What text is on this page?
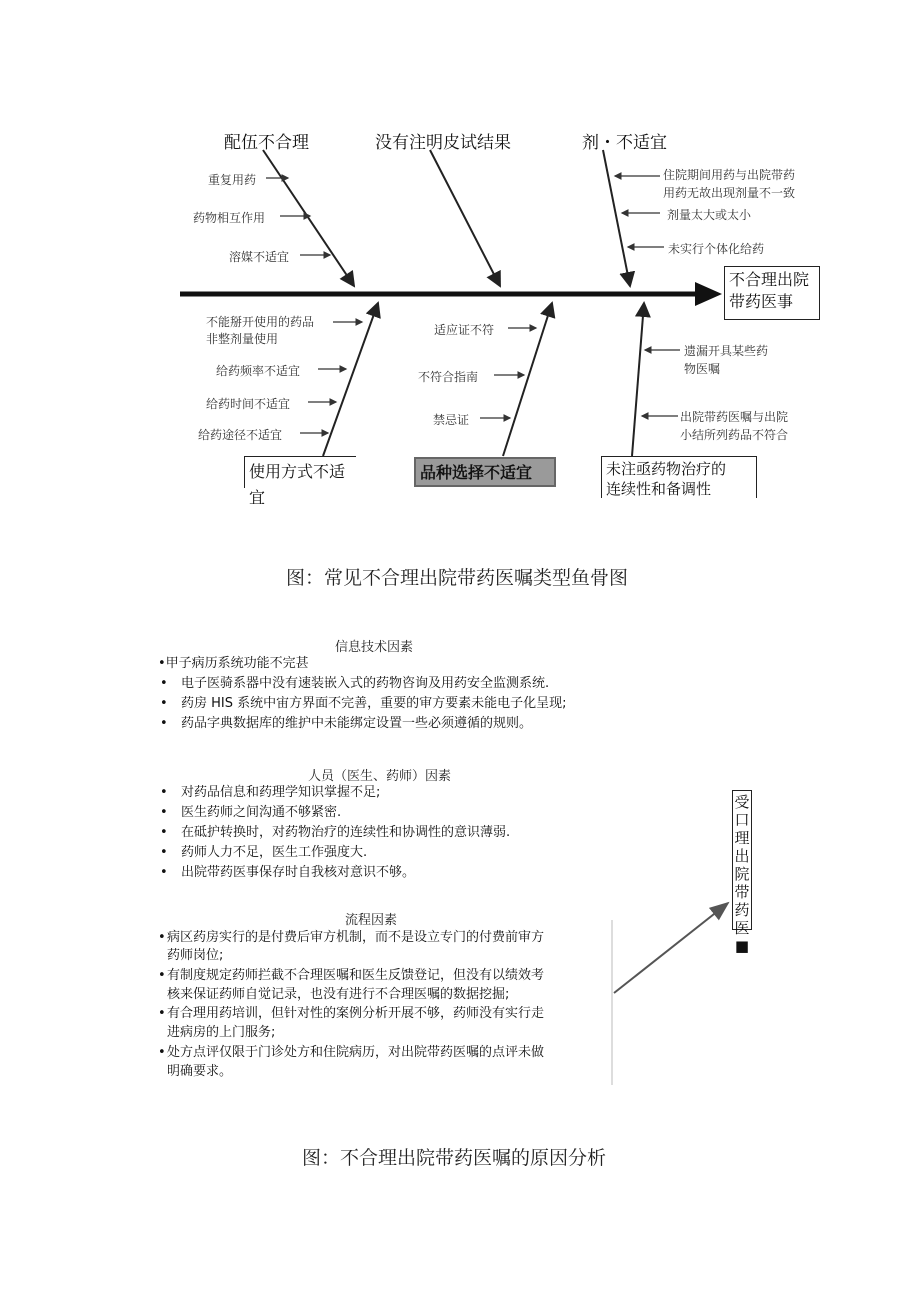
配伍不合理	没有注明皮试结果	剂・不适宜
重复用药
药物相互作用
溶媒不适宜
住院期间用药与出院带药
用药无故出现剂量不一致
剂量太大或太小
未实行个体化给药
不合理出院
带药医事
不能掰开使用的药品
非整剂量使用
给药频率不适宜
给药时间不适宜
给药途径不适宜
适应证不符
不符合指南
禁忌证
遗漏开具某些药
物医嘱
出院带药医嘱与出院
小结所列药品不符合
使用方式不适宜
品种选择不适宜	未注亟药物治疗的
连续性和备调性
图：常见不合理出院带药医嘱类型鱼骨图
信息技术因素
•甲子病历系统功能不完甚
• 电子医骑系器中没有速装嵌入式的药物咨询及用药安全监测系统.
• 药房 HIS 系统中宙方界面不完善，重要的审方要素未能电子化呈现;
• 药品字典数据库的维护中未能绑定设置一些必须遵循的规则。
人员（医生、药师）因素
• 对药品信息和药理学知识掌握不足;
• 医生药师之间沟通不够紧密.
• 在砥护转换时，对药物治疗的连续性和协调性的意识薄弱.
• 药师人力不足，医生工作强度大.
• 出院带药医事保存时自我核对意识不够。
流程因素
• 病区药房实行的是付费后审方机制，而不是设立专门的付费前审方
药师岗位;
• 有制度规定药师拦截不合理医嘱和医生反馈登记，但没有以绩效考
核来保证药师自觉记录，也没有进行不合理医嘱的数据挖掘;
• 有合理用药培训，但针对性的案例分析开展不够，药师没有实行走
进病房的上门服务;
• 处方点评仅限于门诊处方和住院病历，对出院带药医嘱的点评未做
明确要求。
受
口
理
出
院
带
药
医
■
图：不合理出院带药医嘱的原因分析
